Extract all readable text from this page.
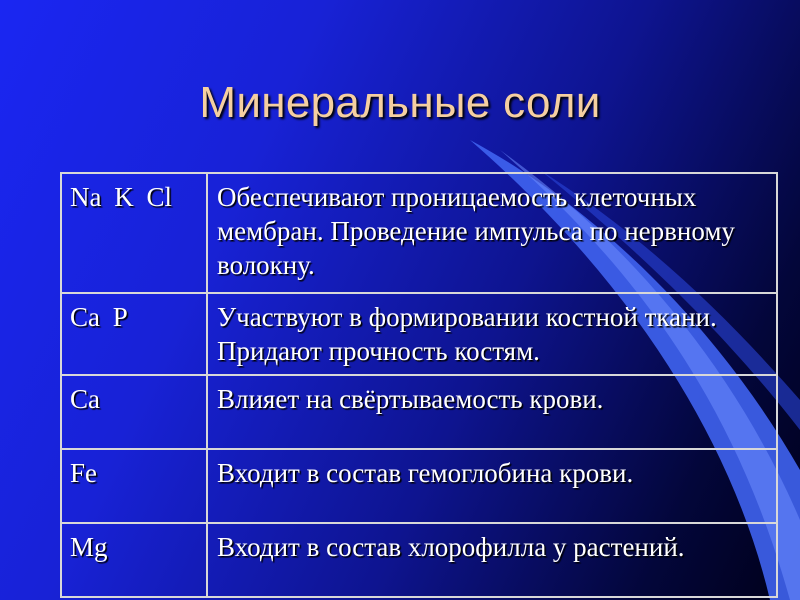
Минеральные соли
Na K Cl	Обеспечивают проницаемость клеточных мембран. Проведение импульса по нервному волокну.
Ca P	Участвуют в формировании костной ткани. Придают прочность костям.
Ca	Влияет на свёртываемость крови.
Fe	Входит в состав гемоглобина крови.
Mg	Входит в состав хлорофилла у растений.
